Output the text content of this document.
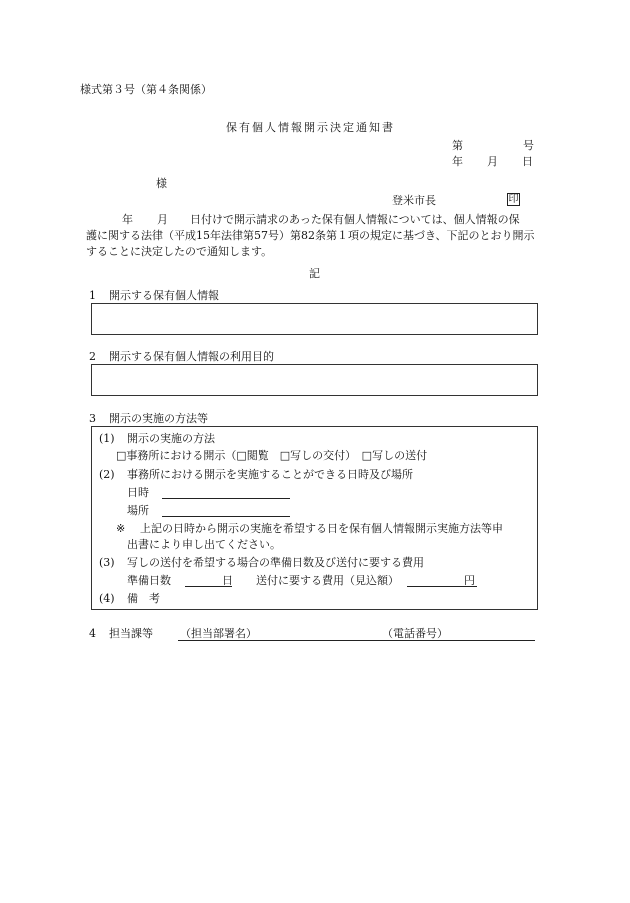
様式第３号（第４条関係）
保有個人情報開示決定通知書
第	号
年 月 日
様
登米市長	印
年 月 日付けで開示請求のあった保有個人情報については、個人情報の保
護に関する法律（平成15年法律第57号）第82条第１項の規定に基づき、下記のとおり開示
することに決定したので通知します。
記
1 開示する保有個人情報
2 開示する保有個人情報の利用目的
3 開示の実施の方法等
(1) 開示の実施の方法
□事務所における開示（□閲覧　□写しの交付）　□写しの送付
(2) 事務所における開示を実施することができる日時及び場所
日時
場所
※ 上記の日時から開示の実施を希望する日を保有個人情報開示実施方法等申
出書により申し出てください。
(3) 写しの送付を希望する場合の準備日数及び送付に要する費用
準備日数	日 送付に要する費用（見込額）	円
(4) 備　考
4 担当課等 （担当部署名）	（電話番号）
